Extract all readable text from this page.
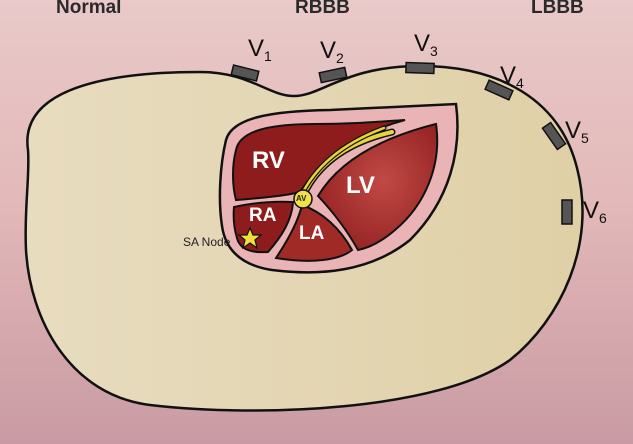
Normal	RBBB	LBBB
$V_1$ $V_2$
$V_3$
$V_4$
$V_5$
$V_6$
RV
LV
RA
LA
AV
SA Node
